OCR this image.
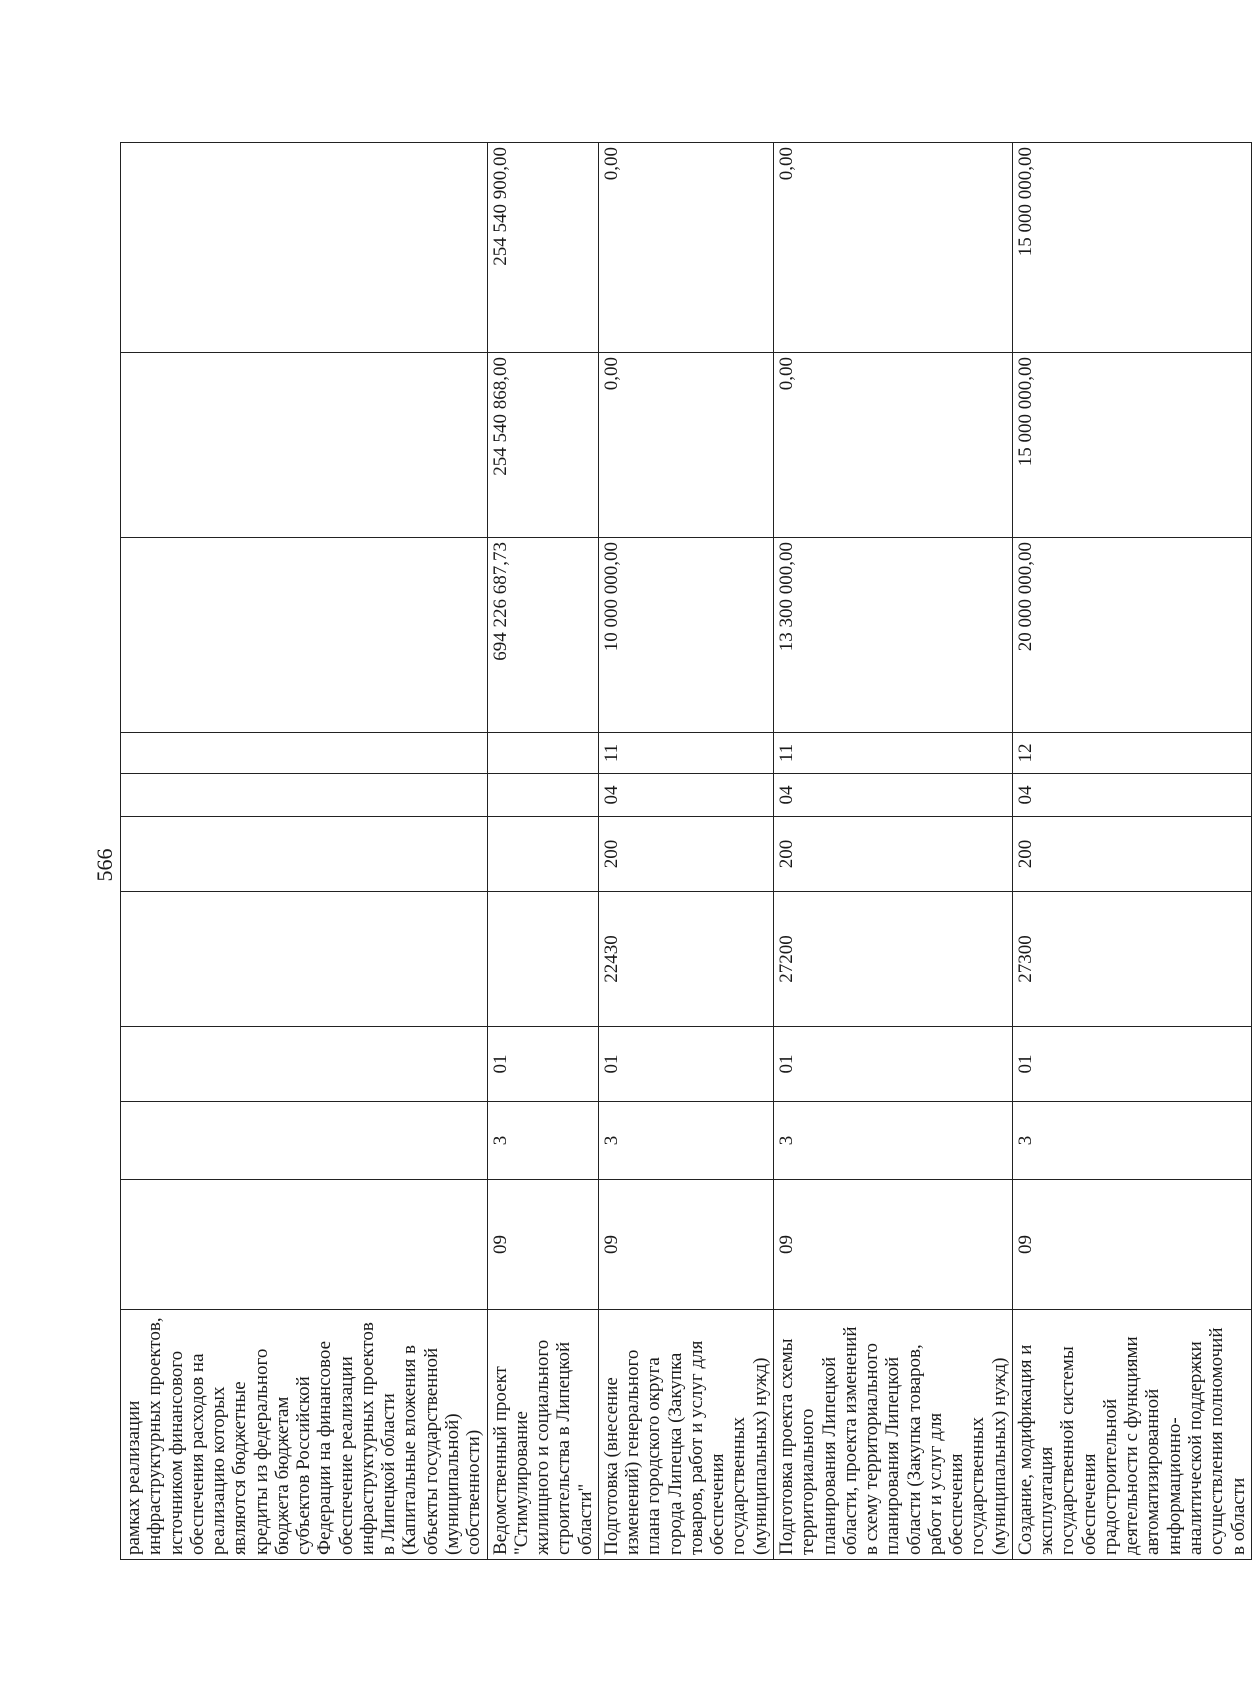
566
рамках реализации инфраструктурных проектов, источником финансового обеспечения расходов на реализацию которых являются бюджетные кредиты из федерального бюджета бюджетам субъектов Российской Федерации на финансовое обеспечение реализации инфраструктурных проектов в Липецкой области (Капитальные вложения в объекты государственной (муниципальной) собственности)										
Ведомственный проект "Стимулирование жилищного и социального строительства в Липецкой области"	09	3	01					694 226 687,73	254 540 868,00	254 540 900,00
Подготовка (внесение изменений) генерального плана городского округа города Липецка (Закупка товаров, работ и услуг для обеспечения государственных (муниципальных) нужд)	09	3	01	22430	200	04	11	10 000 000,00	0,00	0,00
Подготовка проекта схемы территориального планирования Липецкой области, проекта изменений в схему территориального планирования Липецкой области (Закупка товаров, работ и услуг для обеспечения государственных (муниципальных) нужд)	09	3	01	27200	200	04	11	13 300 000,00	0,00	0,00
Создание, модификация и эксплуатация государственной системы обеспечения градостроительной деятельности с функциями автоматизированной информационно-аналитической поддержки осуществления полномочий в области	09	3	01	27300	200	04	12	20 000 000,00	15 000 000,00	15 000 000,00
